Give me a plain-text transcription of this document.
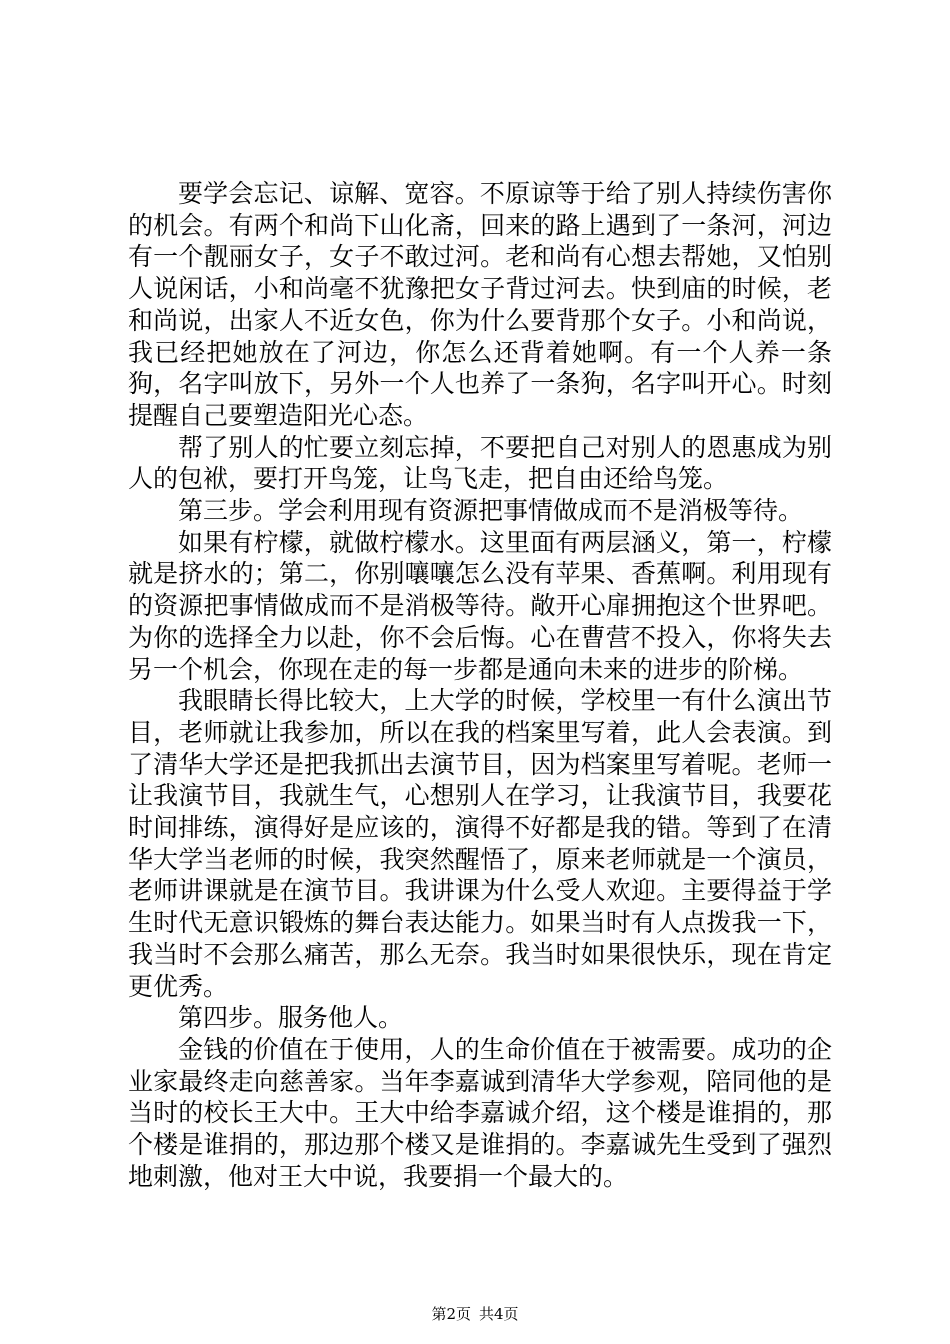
要学会忘记、谅解、宽容。不原谅等于给了别人持续伤害你的机会。有两个和尚下山化斋，回来的路上遇到了一条河，河边有一个靓丽女子，女子不敢过河。老和尚有心想去帮她，又怕别人说闲话，小和尚毫不犹豫把女子背过河去。快到庙的时候，老和尚说，出家人不近女色，你为什么要背那个女子。小和尚说，我已经把她放在了河边，你怎么还背着她啊。有一个人养一条狗，名字叫放下，另外一个人也养了一条狗，名字叫开心。时刻提醒自己要塑造阳光心态。

帮了别人的忙要立刻忘掉，不要把自己对别人的恩惠成为别人的包袱，要打开鸟笼，让鸟飞走，把自由还给鸟笼。

第三步。学会利用现有资源把事情做成而不是消极等待。

如果有柠檬，就做柠檬水。这里面有两层涵义，第一，柠檬就是挤水的；第二，你别嚷嚷怎么没有苹果、香蕉啊。利用现有的资源把事情做成而不是消极等待。敞开心扉拥抱这个世界吧。为你的选择全力以赴，你不会后悔。心在曹营不投入，你将失去另一个机会，你现在走的每一步都是通向未来的进步的阶梯。

我眼睛长得比较大，上大学的时候，学校里一有什么演出节目，老师就让我参加，所以在我的档案里写着，此人会表演。到了清华大学还是把我抓出去演节目，因为档案里写着呢。老师一让我演节目，我就生气，心想别人在学习，让我演节目，我要花时间排练，演得好是应该的，演得不好都是我的错。等到了在清华大学当老师的时候，我突然醒悟了，原来老师就是一个演员，老师讲课就是在演节目。我讲课为什么受人欢迎。主要得益于学生时代无意识锻炼的舞台表达能力。如果当时有人点拨我一下，我当时不会那么痛苦，那么无奈。我当时如果很快乐，现在肯定更优秀。

第四步。服务他人。

金钱的价值在于使用，人的生命价值在于被需要。成功的企业家最终走向慈善家。当年李嘉诚到清华大学参观，陪同他的是当时的校长王大中。王大中给李嘉诚介绍，这个楼是谁捐的，那个楼是谁捐的，那边那个楼又是谁捐的。李嘉诚先生受到了强烈地刺激，他对王大中说，我要捐一个最大的。

第2页 共4页
